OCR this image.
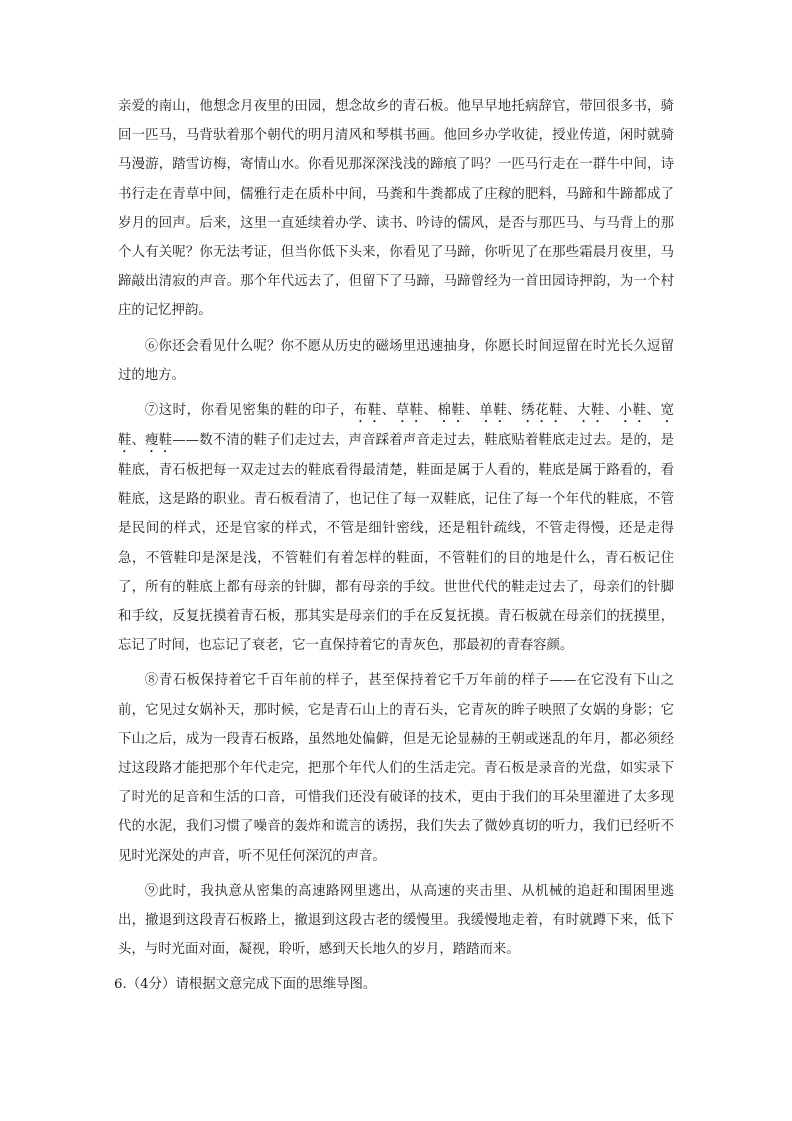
亲爱的南山，他想念月夜里的田园，想念故乡的青石板。他早早地托病辞官，带回很多书，骑回一匹马，马背驮着那个朝代的明月清风和琴棋书画。他回乡办学收徒，授业传道，闲时就骑马漫游，踏雪访梅，寄情山水。你看见那深深浅浅的蹄痕了吗？一匹马行走在一群牛中间，诗书行走在青草中间，儒雅行走在质朴中间，马粪和牛粪都成了庄稼的肥料，马蹄和牛蹄都成了岁月的回声。后来，这里一直延续着办学、读书、吟诗的儒风，是否与那匹马、与马背上的那个人有关呢？你无法考证，但当你低下头来，你看见了马蹄，你听见了在那些霜晨月夜里，马蹄敲出清寂的声音。那个年代远去了，但留下了马蹄，马蹄曾经为一首田园诗押韵，为一个村庄的记忆押韵。

⑥你还会看见什么呢？你不愿从历史的磁场里迅速抽身，你愿长时间逗留在时光长久逗留过的地方。

⑦这时，你看见密集的鞋的印子，布鞋、草鞋、棉鞋、单鞋、绣花鞋、大鞋、小鞋、宽鞋、瘦鞋——数不清的鞋子们走过去，声音踩着声音走过去，鞋底贴着鞋底走过去。是的，是鞋底，青石板把每一双走过去的鞋底看得最清楚，鞋面是属于人看的，鞋底是属于路看的，看鞋底，这是路的职业。青石板看清了，也记住了每一双鞋底，记住了每一个年代的鞋底，不管是民间的样式，还是官家的样式，不管是细针密线，还是粗针疏线，不管走得慢，还是走得急，不管鞋印是深是浅，不管鞋们有着怎样的鞋面，不管鞋们的目的地是什么，青石板记住了，所有的鞋底上都有母亲的针脚，都有母亲的手纹。世世代代的鞋走过去了，母亲们的针脚和手纹，反复抚摸着青石板，那其实是母亲们的手在反复抚摸。青石板就在母亲们的抚摸里，忘记了时间，也忘记了衰老，它一直保持着它的青灰色，那最初的青春容颜。

⑧青石板保持着它千百年前的样子，甚至保持着它千万年前的样子——在它没有下山之前，它见过女娲补天，那时候，它是青石山上的青石头，它青灰的眸子映照了女娲的身影；它下山之后，成为一段青石板路，虽然地处偏僻，但是无论显赫的王朝或迷乱的年月，都必须经过这段路才能把那个年代走完，把那个年代人们的生活走完。青石板是录音的光盘，如实录下了时光的足音和生活的口音，可惜我们还没有破译的技术，更由于我们的耳朵里灌进了太多现代的水泥，我们习惯了噪音的轰炸和谎言的诱拐，我们失去了微妙真切的听力，我们已经听不见时光深处的声音，听不见任何深沉的声音。

⑨此时，我执意从密集的高速路网里逃出，从高速的夹击里、从机械的追赶和围困里逃出，撤退到这段青石板路上，撤退到这段古老的缓慢里。我缓慢地走着，有时就蹲下来，低下头，与时光面对面，凝视，聆听，感到天长地久的岁月，踏踏而来。

6.（4分）请根据文意完成下面的思维导图。
